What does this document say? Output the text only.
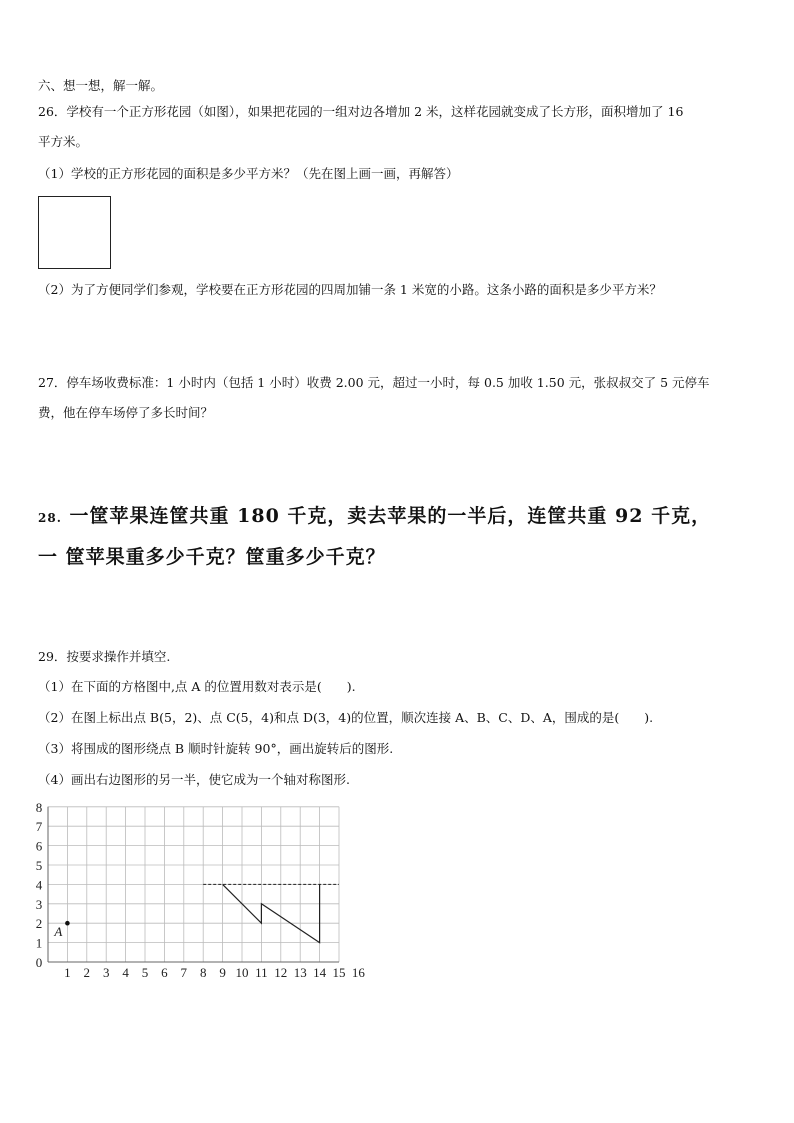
六、想一想，解一解。
26．学校有一个正方形花园（如图），如果把花园的一组对边各增加 2 米，这样花园就变成了长方形，面积增加了 16
平方米。
（1）学校的正方形花园的面积是多少平方米？（先在图上画一画，再解答）
（2）为了方便同学们参观，学校要在正方形花园的四周加铺一条 1 米宽的小路。这条小路的面积是多少平方米？
27．停车场收费标准：1 小时内（包括 1 小时）收费 2.00 元，超过一小时，每 0.5 加收 1.50 元，张叔叔交了 5 元停车
费，他在停车场停了多长时间？
28. 一筐苹果连筐共重 180 千克，卖去苹果的一半后，连筐共重 92 千克，
一 筐苹果重多少千克？筐重多少千克？
29．按要求操作并填空.
（1）在下面的方格图中,点 A 的位置用数对表示是(　　).
（2）在图上标出点 B(5，2)、点 C(5，4)和点 D(3，4)的位置，顺次连接 A、B、C、D、A，围成的是(　　).
（3）将围成的图形绕点 B 顺时针旋转 90°，画出旋转后的图形.
（4）画出右边图形的另一半，使它成为一个轴对称图形.
1 2 3 4 5 6 7 8 9 10 11 12 13 14 15 16
0
1
2
3
4
5
6
7
8
A
